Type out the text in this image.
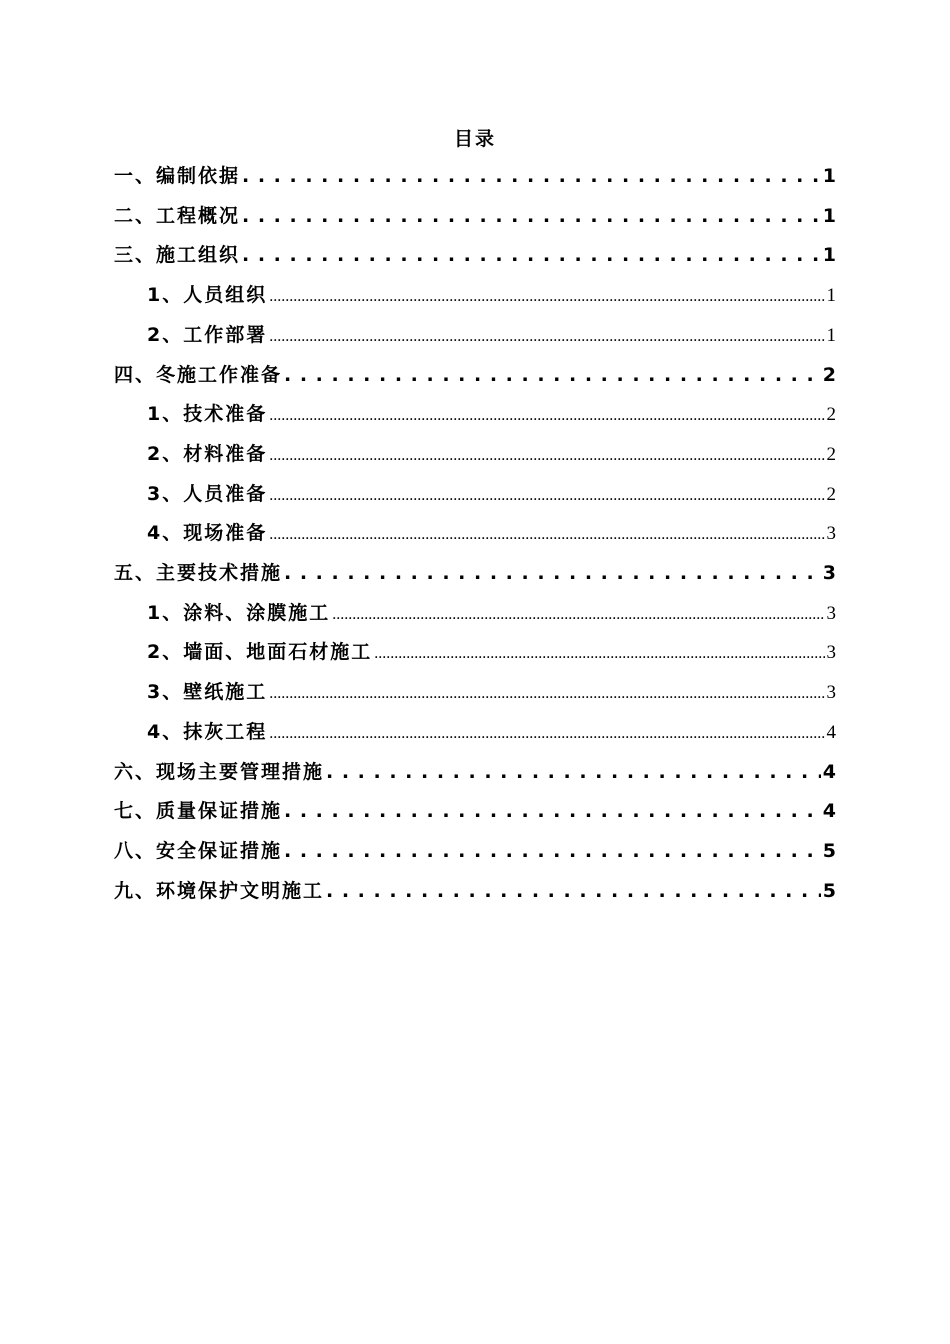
目录
一、编制依据 . . .	1
二、工程概况 . . .	1
三、施工组织 . . .	1
1、人员组织 .....	1
2、工作部署 .....	1
四、冬施工作准备 . . .	2
1、技术准备 .....	2
2、材料准备 .....	2
3、人员准备 .....	2
4、现场准备 .....	3
五、主要技术措施 . . .	3
1、涂料、涂膜施工 .....	3
2、墙面、地面石材施工 .....	3
3、壁纸施工 .....	3
4、抹灰工程 .....	4
六、现场主要管理措施 . . .	4
七、质量保证措施 . . .	4
八、安全保证措施 . . .	5
九、环境保护文明施工 . . .	5
